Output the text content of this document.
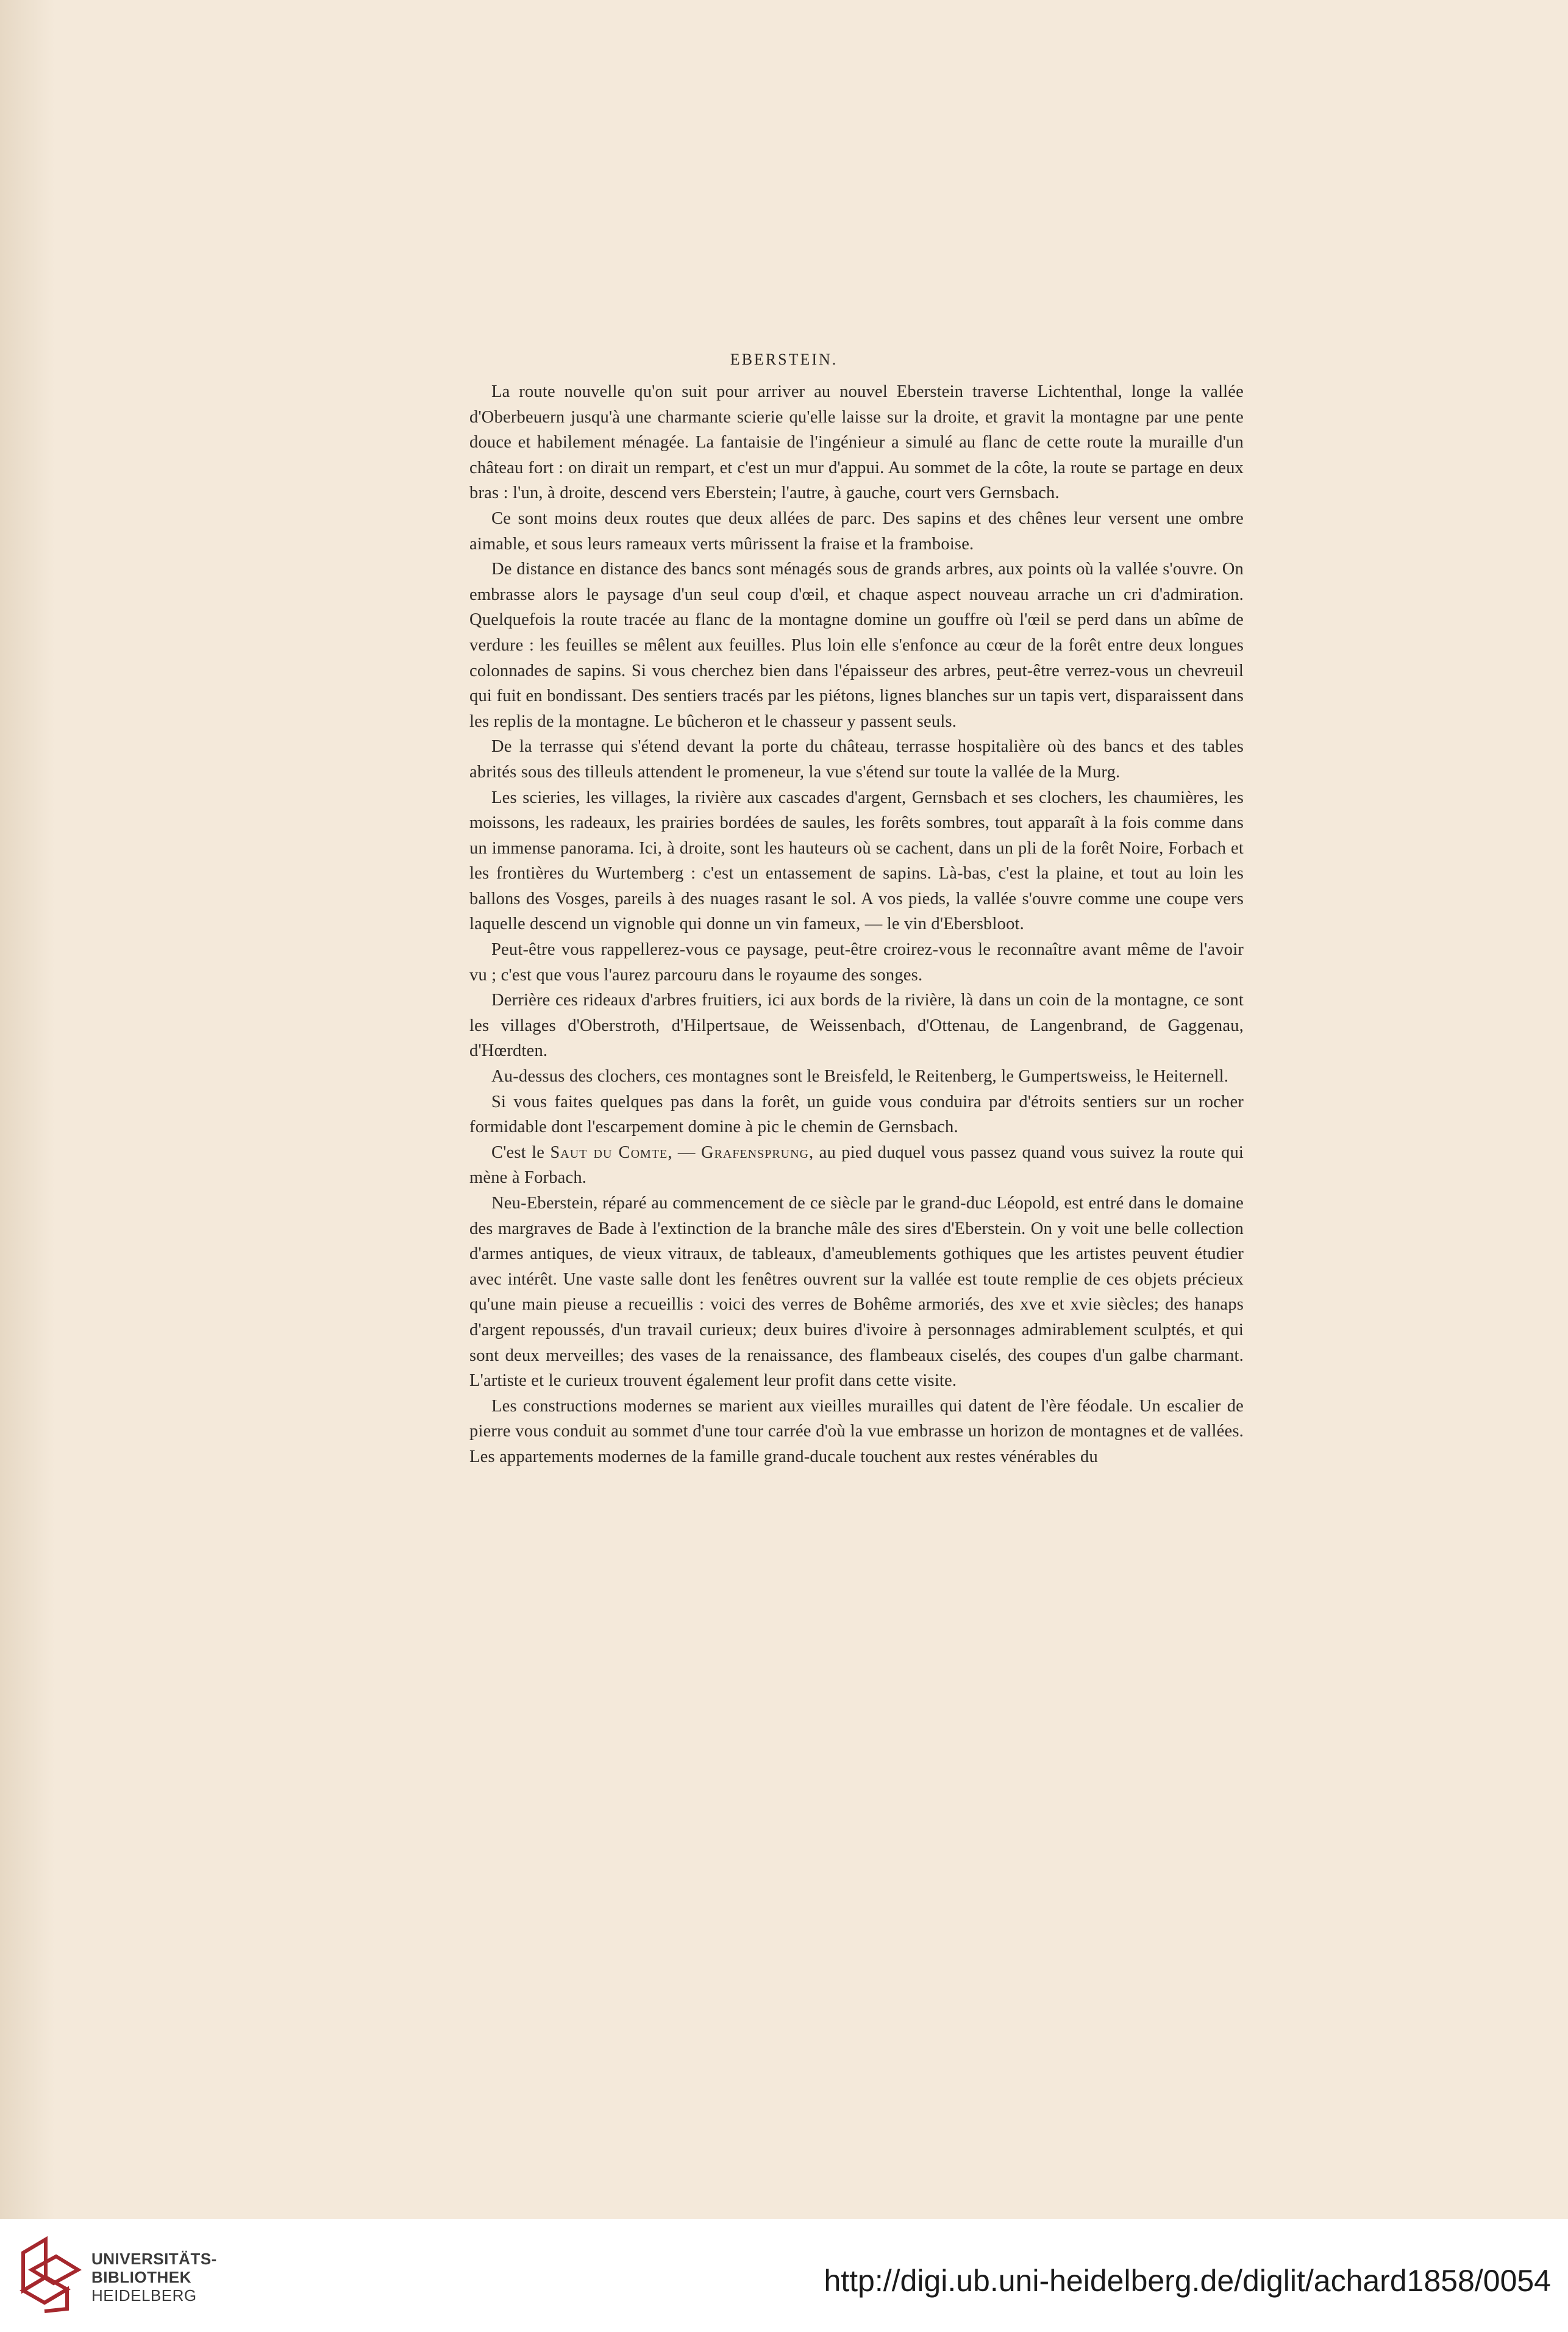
EBERSTEIN.

La route nouvelle qu'on suit pour arriver au nouvel Eberstein traverse Lichtenthal, longe la vallée d'Oberbeuern jusqu'à une charmante scierie qu'elle laisse sur la droite, et gravit la montagne par une pente douce et habilement ménagée. La fantaisie de l'ingénieur a simulé au flanc de cette route la muraille d'un château fort : on dirait un rempart, et c'est un mur d'appui. Au sommet de la côte, la route se partage en deux bras : l'un, à droite, descend vers Eberstein; l'autre, à gauche, court vers Gernsbach.

Ce sont moins deux routes que deux allées de parc. Des sapins et des chênes leur versent une ombre aimable, et sous leurs rameaux verts mûrissent la fraise et la framboise.

De distance en distance des bancs sont ménagés sous de grands arbres, aux points où la vallée s'ouvre. On embrasse alors le paysage d'un seul coup d'œil, et chaque aspect nouveau arrache un cri d'admiration. Quelquefois la route tracée au flanc de la montagne domine un gouffre où l'œil se perd dans un abîme de verdure : les feuilles se mêlent aux feuilles. Plus loin elle s'enfonce au cœur de la forêt entre deux longues colonnades de sapins. Si vous cherchez bien dans l'épaisseur des arbres, peut-être verrez-vous un chevreuil qui fuit en bondissant. Des sentiers tracés par les piétons, lignes blanches sur un tapis vert, disparaissent dans les replis de la montagne. Le bûcheron et le chasseur y passent seuls.

De la terrasse qui s'étend devant la porte du château, terrasse hospitalière où des bancs et des tables abrités sous des tilleuls attendent le promeneur, la vue s'étend sur toute la vallée de la Murg.

Les scieries, les villages, la rivière aux cascades d'argent, Gernsbach et ses clochers, les chaumières, les moissons, les radeaux, les prairies bordées de saules, les forêts sombres, tout apparaît à la fois comme dans un immense panorama. Ici, à droite, sont les hauteurs où se cachent, dans un pli de la forêt Noire, Forbach et les frontières du Wurtemberg : c'est un entassement de sapins. Là-bas, c'est la plaine, et tout au loin les ballons des Vosges, pareils à des nuages rasant le sol. A vos pieds, la vallée s'ouvre comme une coupe vers laquelle descend un vignoble qui donne un vin fameux, — le vin d'Ebersbloot.

Peut-être vous rappellerez-vous ce paysage, peut-être croirez-vous le reconnaître avant même de l'avoir vu ; c'est que vous l'aurez parcouru dans le royaume des songes.

Derrière ces rideaux d'arbres fruitiers, ici aux bords de la rivière, là dans un coin de la montagne, ce sont les villages d'Oberstroth, d'Hilpertsaue, de Weissenbach, d'Ottenau, de Langenbrand, de Gaggenau, d'Hœrdten.

Au-dessus des clochers, ces montagnes sont le Breisfeld, le Reitenberg, le Gumpertsweiss, le Heiternell.

Si vous faites quelques pas dans la forêt, un guide vous conduira par d'étroits sentiers sur un rocher formidable dont l'escarpement domine à pic le chemin de Gernsbach.

C'est le Saut du Comte, — Grafensprung, au pied duquel vous passez quand vous suivez la route qui mène à Forbach.

Neu-Eberstein, réparé au commencement de ce siècle par le grand-duc Léopold, est entré dans le domaine des margraves de Bade à l'extinction de la branche mâle des sires d'Eberstein. On y voit une belle collection d'armes antiques, de vieux vitraux, de tableaux, d'ameublements gothiques que les artistes peuvent étudier avec intérêt. Une vaste salle dont les fenêtres ouvrent sur la vallée est toute remplie de ces objets précieux qu'une main pieuse a recueillis : voici des verres de Bohême armoriés, des xve et xvie siècles; des hanaps d'argent repoussés, d'un travail curieux; deux buires d'ivoire à personnages admirablement sculptés, et qui sont deux merveilles; des vases de la renaissance, des flambeaux ciselés, des coupes d'un galbe charmant. L'artiste et le curieux trouvent également leur profit dans cette visite.

Les constructions modernes se marient aux vieilles murailles qui datent de l'ère féodale. Un escalier de pierre vous conduit au sommet d'une tour carrée d'où la vue embrasse un horizon de montagnes et de vallées. Les appartements modernes de la famille grand-ducale touchent aux restes vénérables du

UNIVERSITÄTS-
BIBLIOTHEK
HEIDELBERG	http://digi.ub.uni-heidelberg.de/diglit/achard1858/0054
